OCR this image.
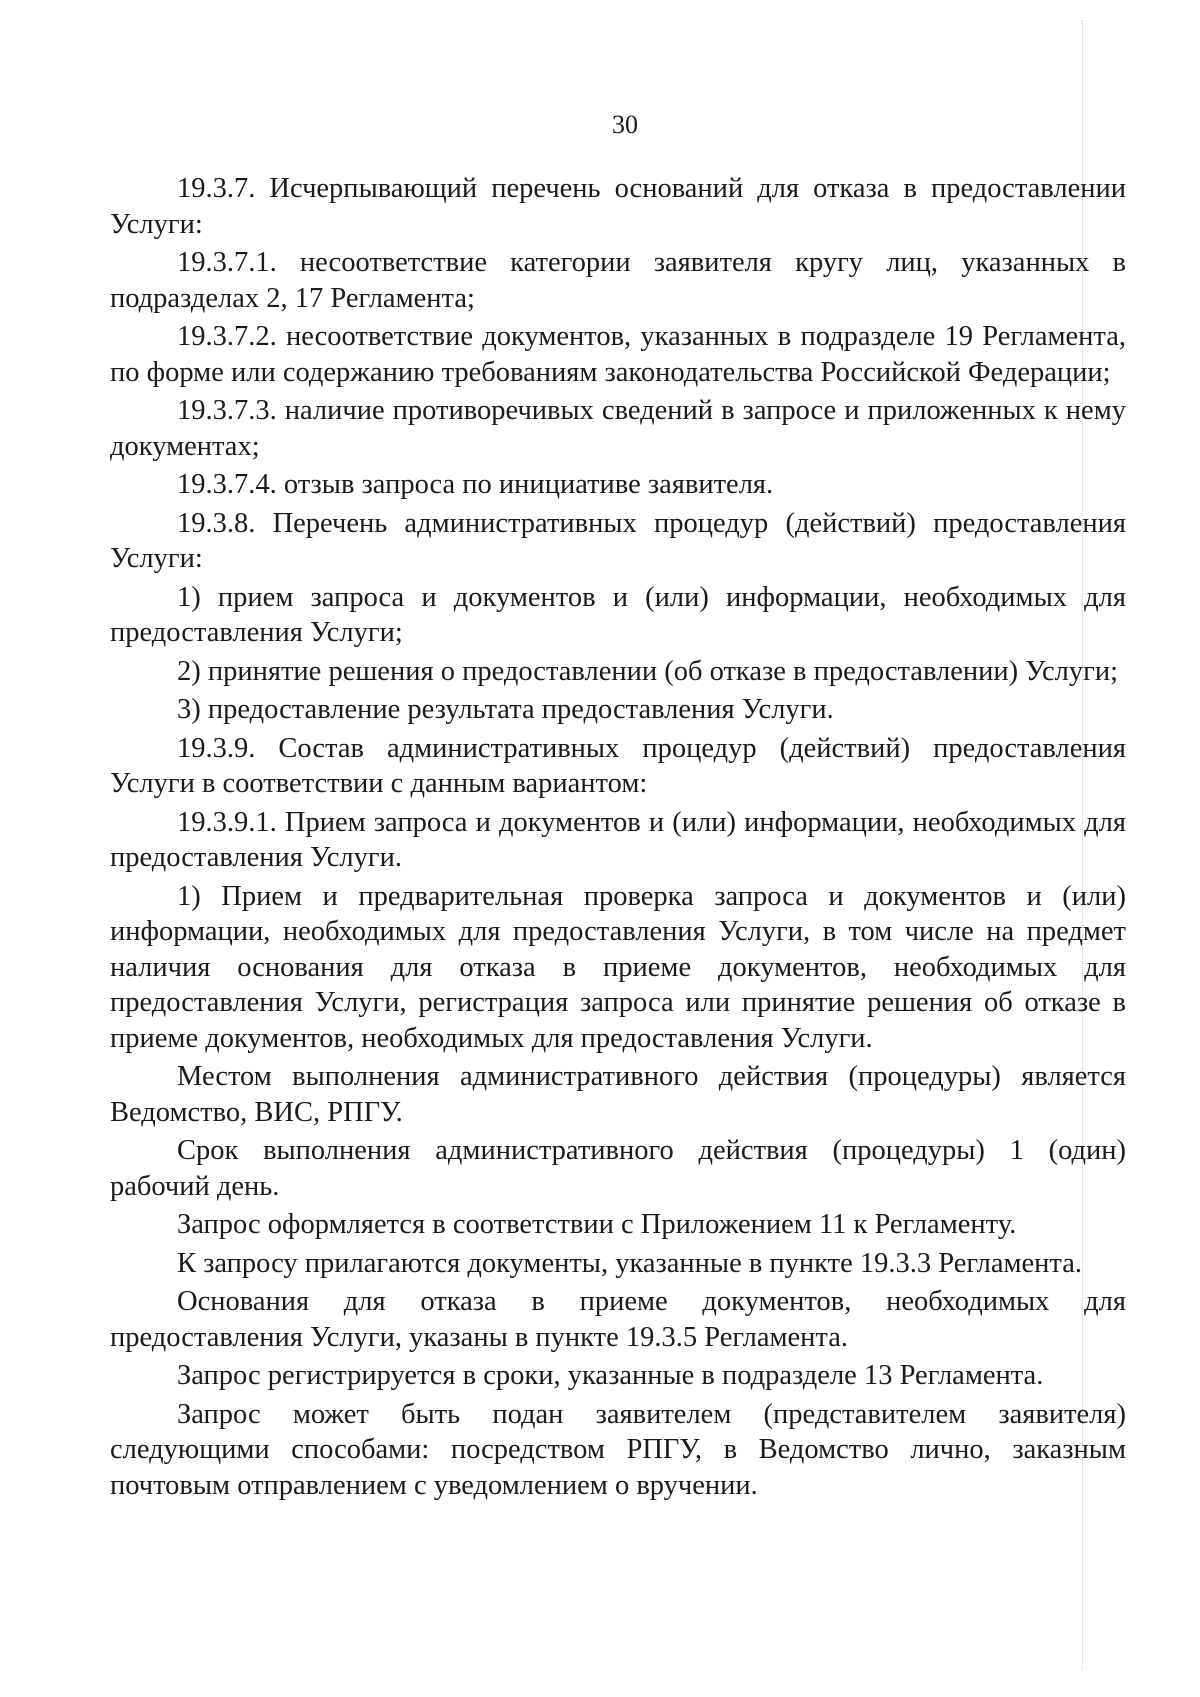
30

19.3.7. Исчерпывающий перечень оснований для отказа в предоставлении Услуги:

19.3.7.1. несоответствие категории заявителя кругу лиц, указанных в подразделах 2, 17 Регламента;

19.3.7.2. несоответствие документов, указанных в подразделе 19 Регламента, по форме или содержанию требованиям законодательства Российской Федерации;

19.3.7.3. наличие противоречивых сведений в запросе и приложенных к нему документах;

19.3.7.4. отзыв запроса по инициативе заявителя.

19.3.8. Перечень административных процедур (действий) предоставления Услуги:

1) прием запроса и документов и (или) информации, необходимых для предоставления Услуги;

2) принятие решения о предоставлении (об отказе в предоставлении) Услуги;

3) предоставление результата предоставления Услуги.

19.3.9. Состав административных процедур (действий) предоставления Услуги в соответствии с данным вариантом:

19.3.9.1. Прием запроса и документов и (или) информации, необходимых для предоставления Услуги.

1) Прием и предварительная проверка запроса и документов и (или) информации, необходимых для предоставления Услуги, в том числе на предмет наличия основания для отказа в приеме документов, необходимых для предоставления Услуги, регистрация запроса или принятие решения об отказе в приеме документов, необходимых для предоставления Услуги.

Местом выполнения административного действия (процедуры) является Ведомство, ВИС, РПГУ.

Срок выполнения административного действия (процедуры) 1 (один) рабочий день.

Запрос оформляется в соответствии с Приложением 11 к Регламенту.

К запросу прилагаются документы, указанные в пункте 19.3.3 Регламента.

Основания для отказа в приеме документов, необходимых для предоставления Услуги, указаны в пункте 19.3.5 Регламента.

Запрос регистрируется в сроки, указанные в подразделе 13 Регламента.

Запрос может быть подан заявителем (представителем заявителя) следующими способами: посредством РПГУ, в Ведомство лично, заказным почтовым отправлением с уведомлением о вручении.
